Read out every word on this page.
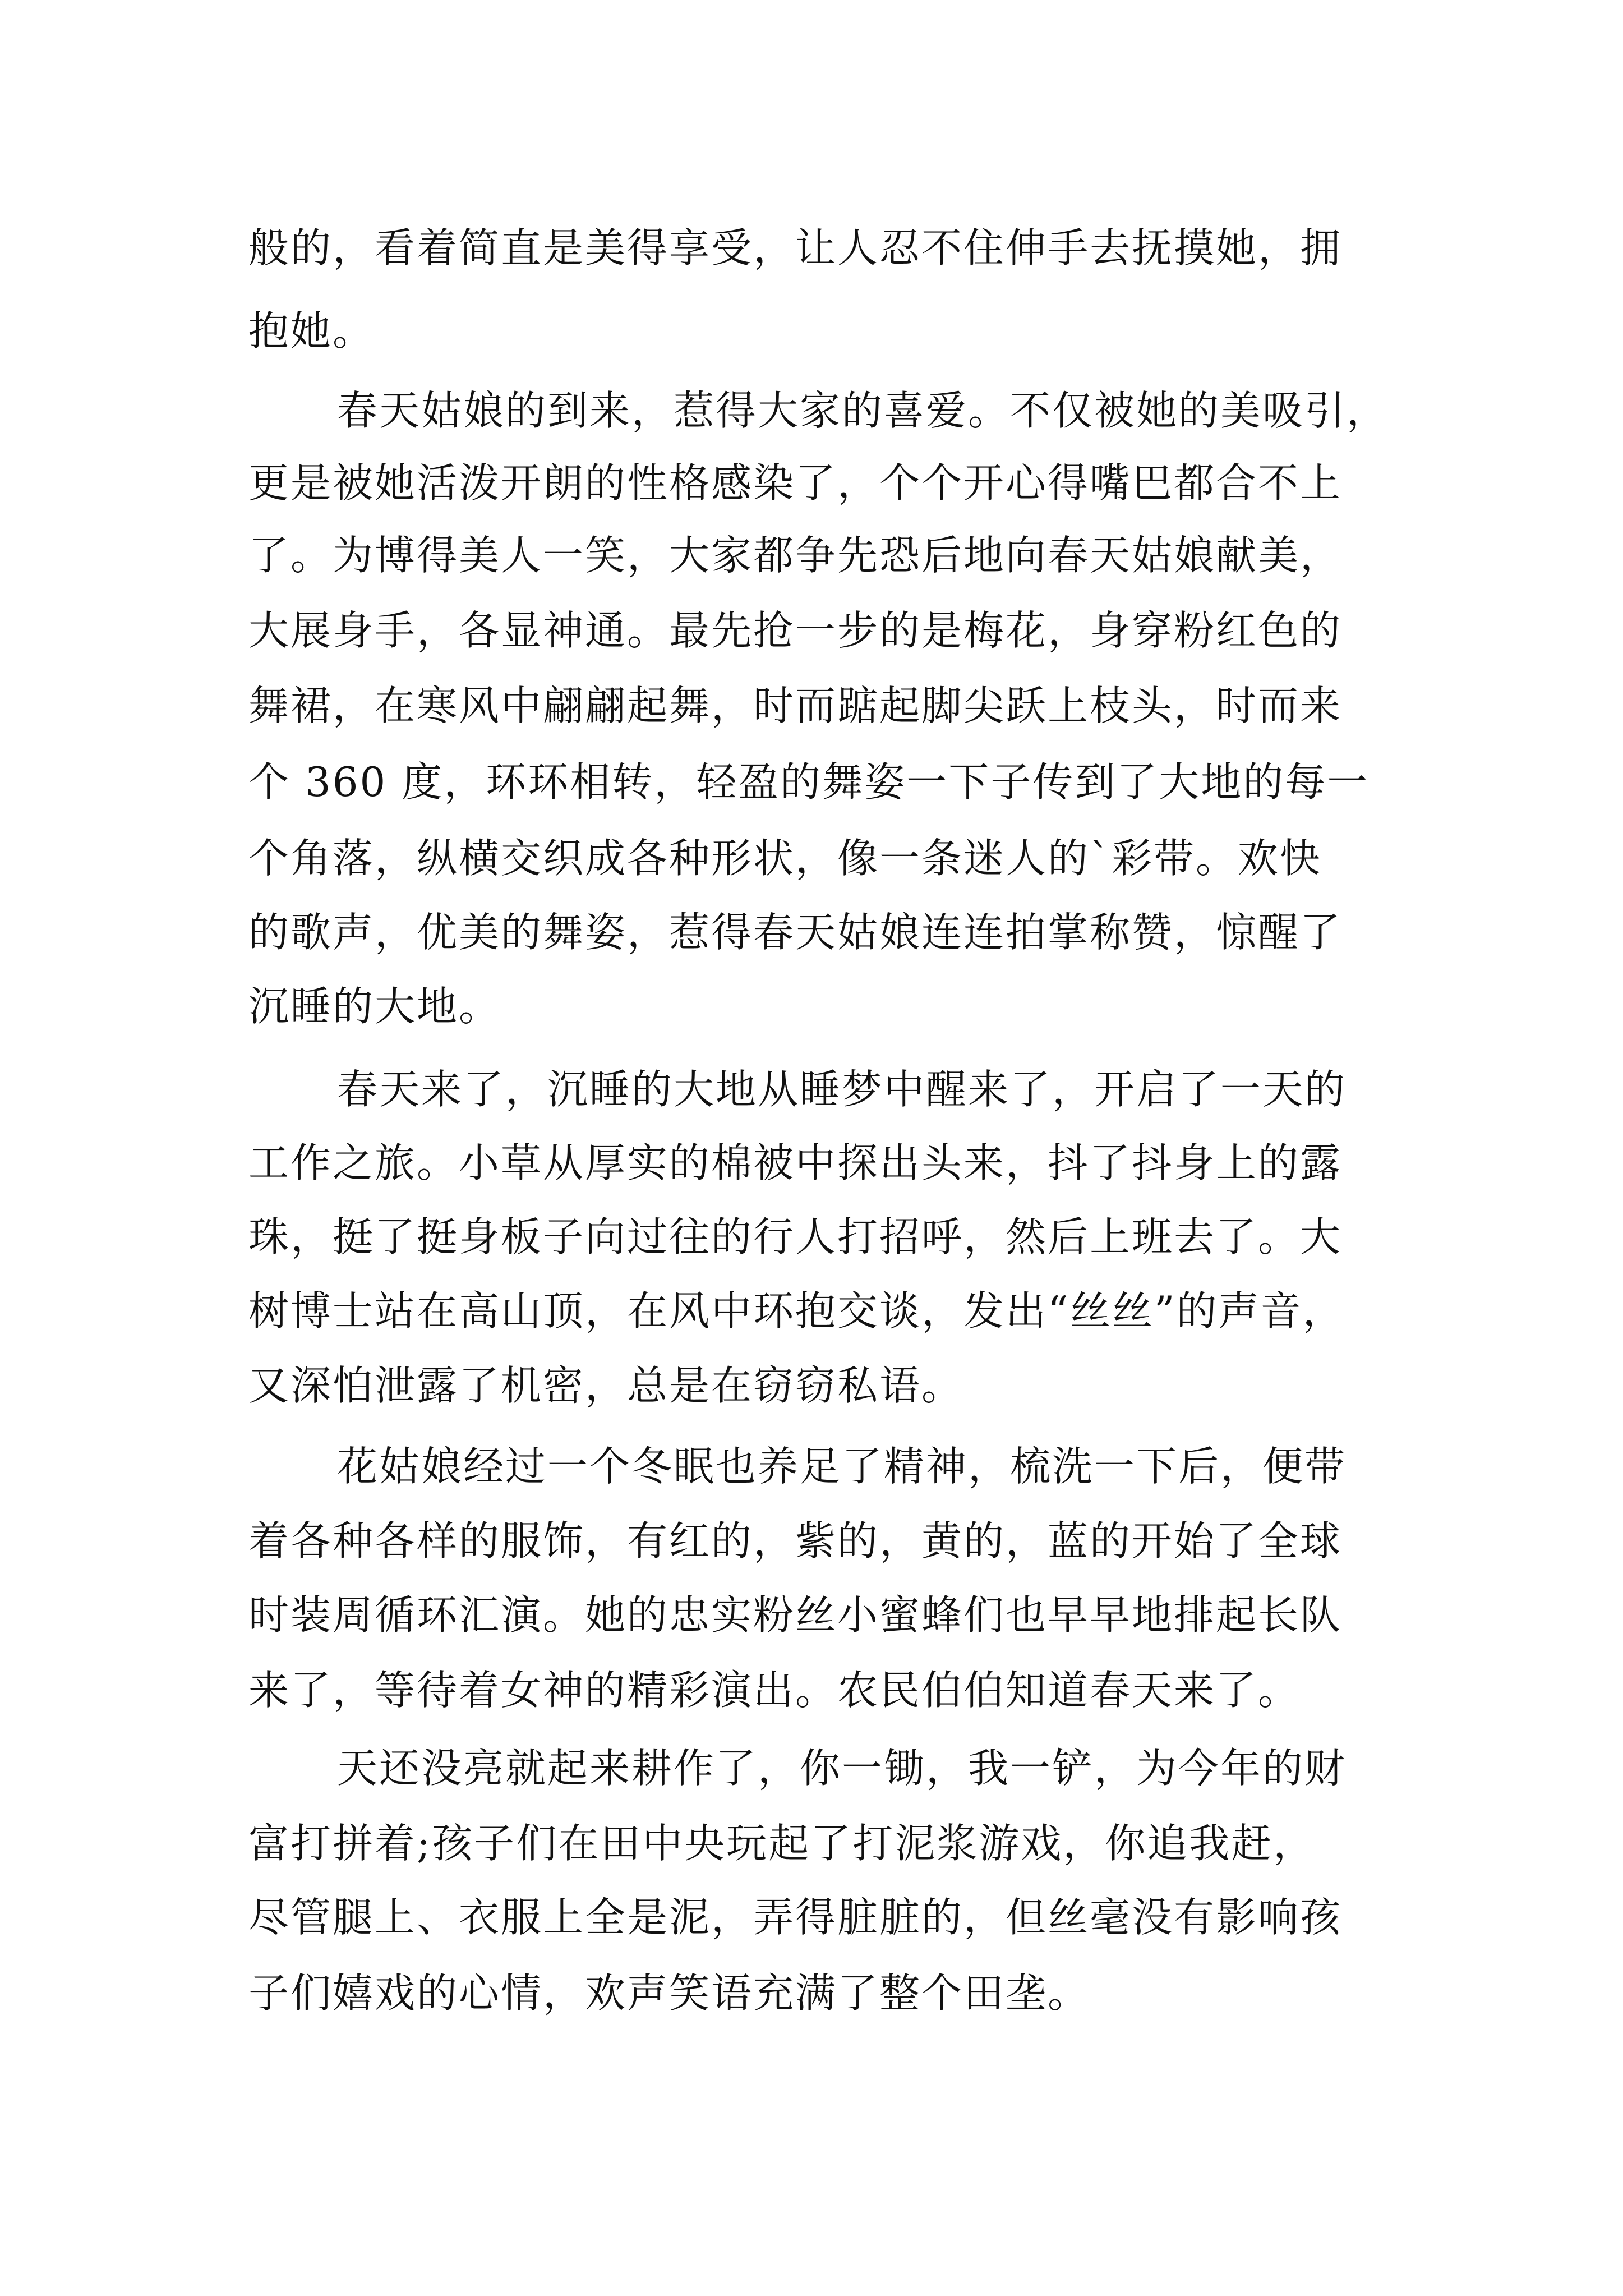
般的，看着简直是美得享受，让人忍不住伸手去抚摸她，拥
抱她。
春天姑娘的到来，惹得大家的喜爱。不仅被她的美吸引，
更是被她活泼开朗的性格感染了，个个开心得嘴巴都合不上
了。为博得美人一笑，大家都争先恐后地向春天姑娘献美，
大展身手，各显神通。最先抢一步的是梅花，身穿粉红色的
舞裙，在寒风中翩翩起舞，时而踮起脚尖跃上枝头，时而来
个 360 度，环环相转，轻盈的舞姿一下子传到了大地的每一
个角落，纵横交织成各种形状，像一条迷人的`彩带。欢快
的歌声，优美的舞姿，惹得春天姑娘连连拍掌称赞，惊醒了
沉睡的大地。
春天来了，沉睡的大地从睡梦中醒来了，开启了一天的
工作之旅。小草从厚实的棉被中探出头来，抖了抖身上的露
珠，挺了挺身板子向过往的行人打招呼，然后上班去了。大
树博士站在高山顶，在风中环抱交谈，发出“丝丝”的声音，
又深怕泄露了机密，总是在窃窃私语。
花姑娘经过一个冬眠也养足了精神，梳洗一下后，便带
着各种各样的服饰，有红的，紫的，黄的，蓝的开始了全球
时装周循环汇演。她的忠实粉丝小蜜蜂们也早早地排起长队
来了，等待着女神的精彩演出。农民伯伯知道春天来了。
天还没亮就起来耕作了，你一锄，我一铲，为今年的财
富打拼着;孩子们在田中央玩起了打泥浆游戏，你追我赶，
尽管腿上、衣服上全是泥，弄得脏脏的，但丝毫没有影响孩
子们嬉戏的心情，欢声笑语充满了整个田垄。
